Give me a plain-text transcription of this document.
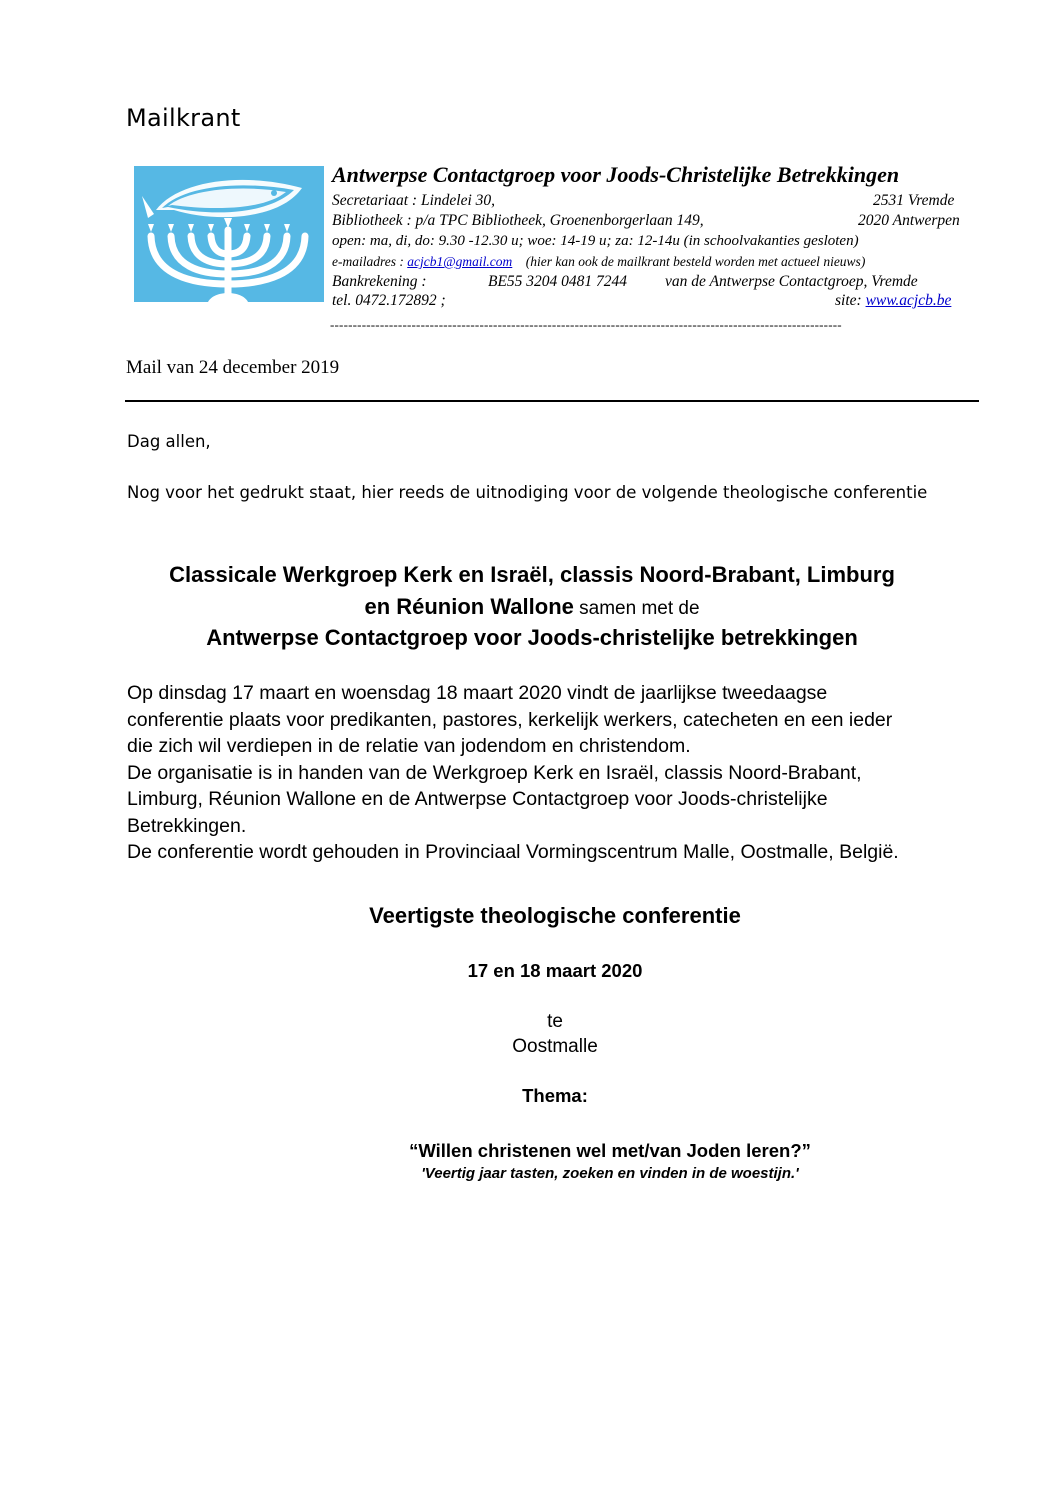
Mailkrant
Antwerpse Contactgroep voor Joods-Christelijke Betrekkingen
Secretariaat : Lindelei 30,	2531 Vremde
Bibliotheek : p/a TPC Bibliotheek, Groenenborgerlaan 149,	2020 Antwerpen
open: ma, di, do: 9.30 -12.30 u; woe: 14-19 u; za: 12-14u (in schoolvakanties gesloten)
e-mailadres : acjcb1@gmail.com (hier kan ook de mailkrant besteld worden met actueel nieuws)
Bankrekening :	BE55 3204 0481 7244 van de Antwerpse Contactgroep, Vremde
tel. 0472.172892 ;	site: www.acjcb.be
-----------------------------------------------------------------------------------------------------------------
Mail van 24 december 2019
Dag allen,
Nog voor het gedrukt staat, hier reeds de uitnodiging voor de volgende theologische conferentie
Classicale Werkgroep Kerk en Israël, classis Noord-Brabant, Limburg
en Réunion Wallone samen met de
Antwerpse Contactgroep voor Joods-christelijke betrekkingen
Op dinsdag 17 maart en woensdag 18 maart 2020 vindt de jaarlijkse tweedaagse
conferentie plaats voor predikanten, pastores, kerkelijk werkers, catecheten en een ieder
die zich wil verdiepen in de relatie van jodendom en christendom.
De organisatie is in handen van de Werkgroep Kerk en Israël, classis Noord-Brabant,
Limburg, Réunion Wallone en de Antwerpse Contactgroep voor Joods-christelijke
Betrekkingen.
De conferentie wordt gehouden in Provinciaal Vormingscentrum Malle, Oostmalle, België.
Veertigste theologische conferentie
17 en 18 maart 2020
te
Oostmalle
Thema:
“Willen christenen wel met/van Joden leren?”
'Veertig jaar tasten, zoeken en vinden in de woestijn.'
